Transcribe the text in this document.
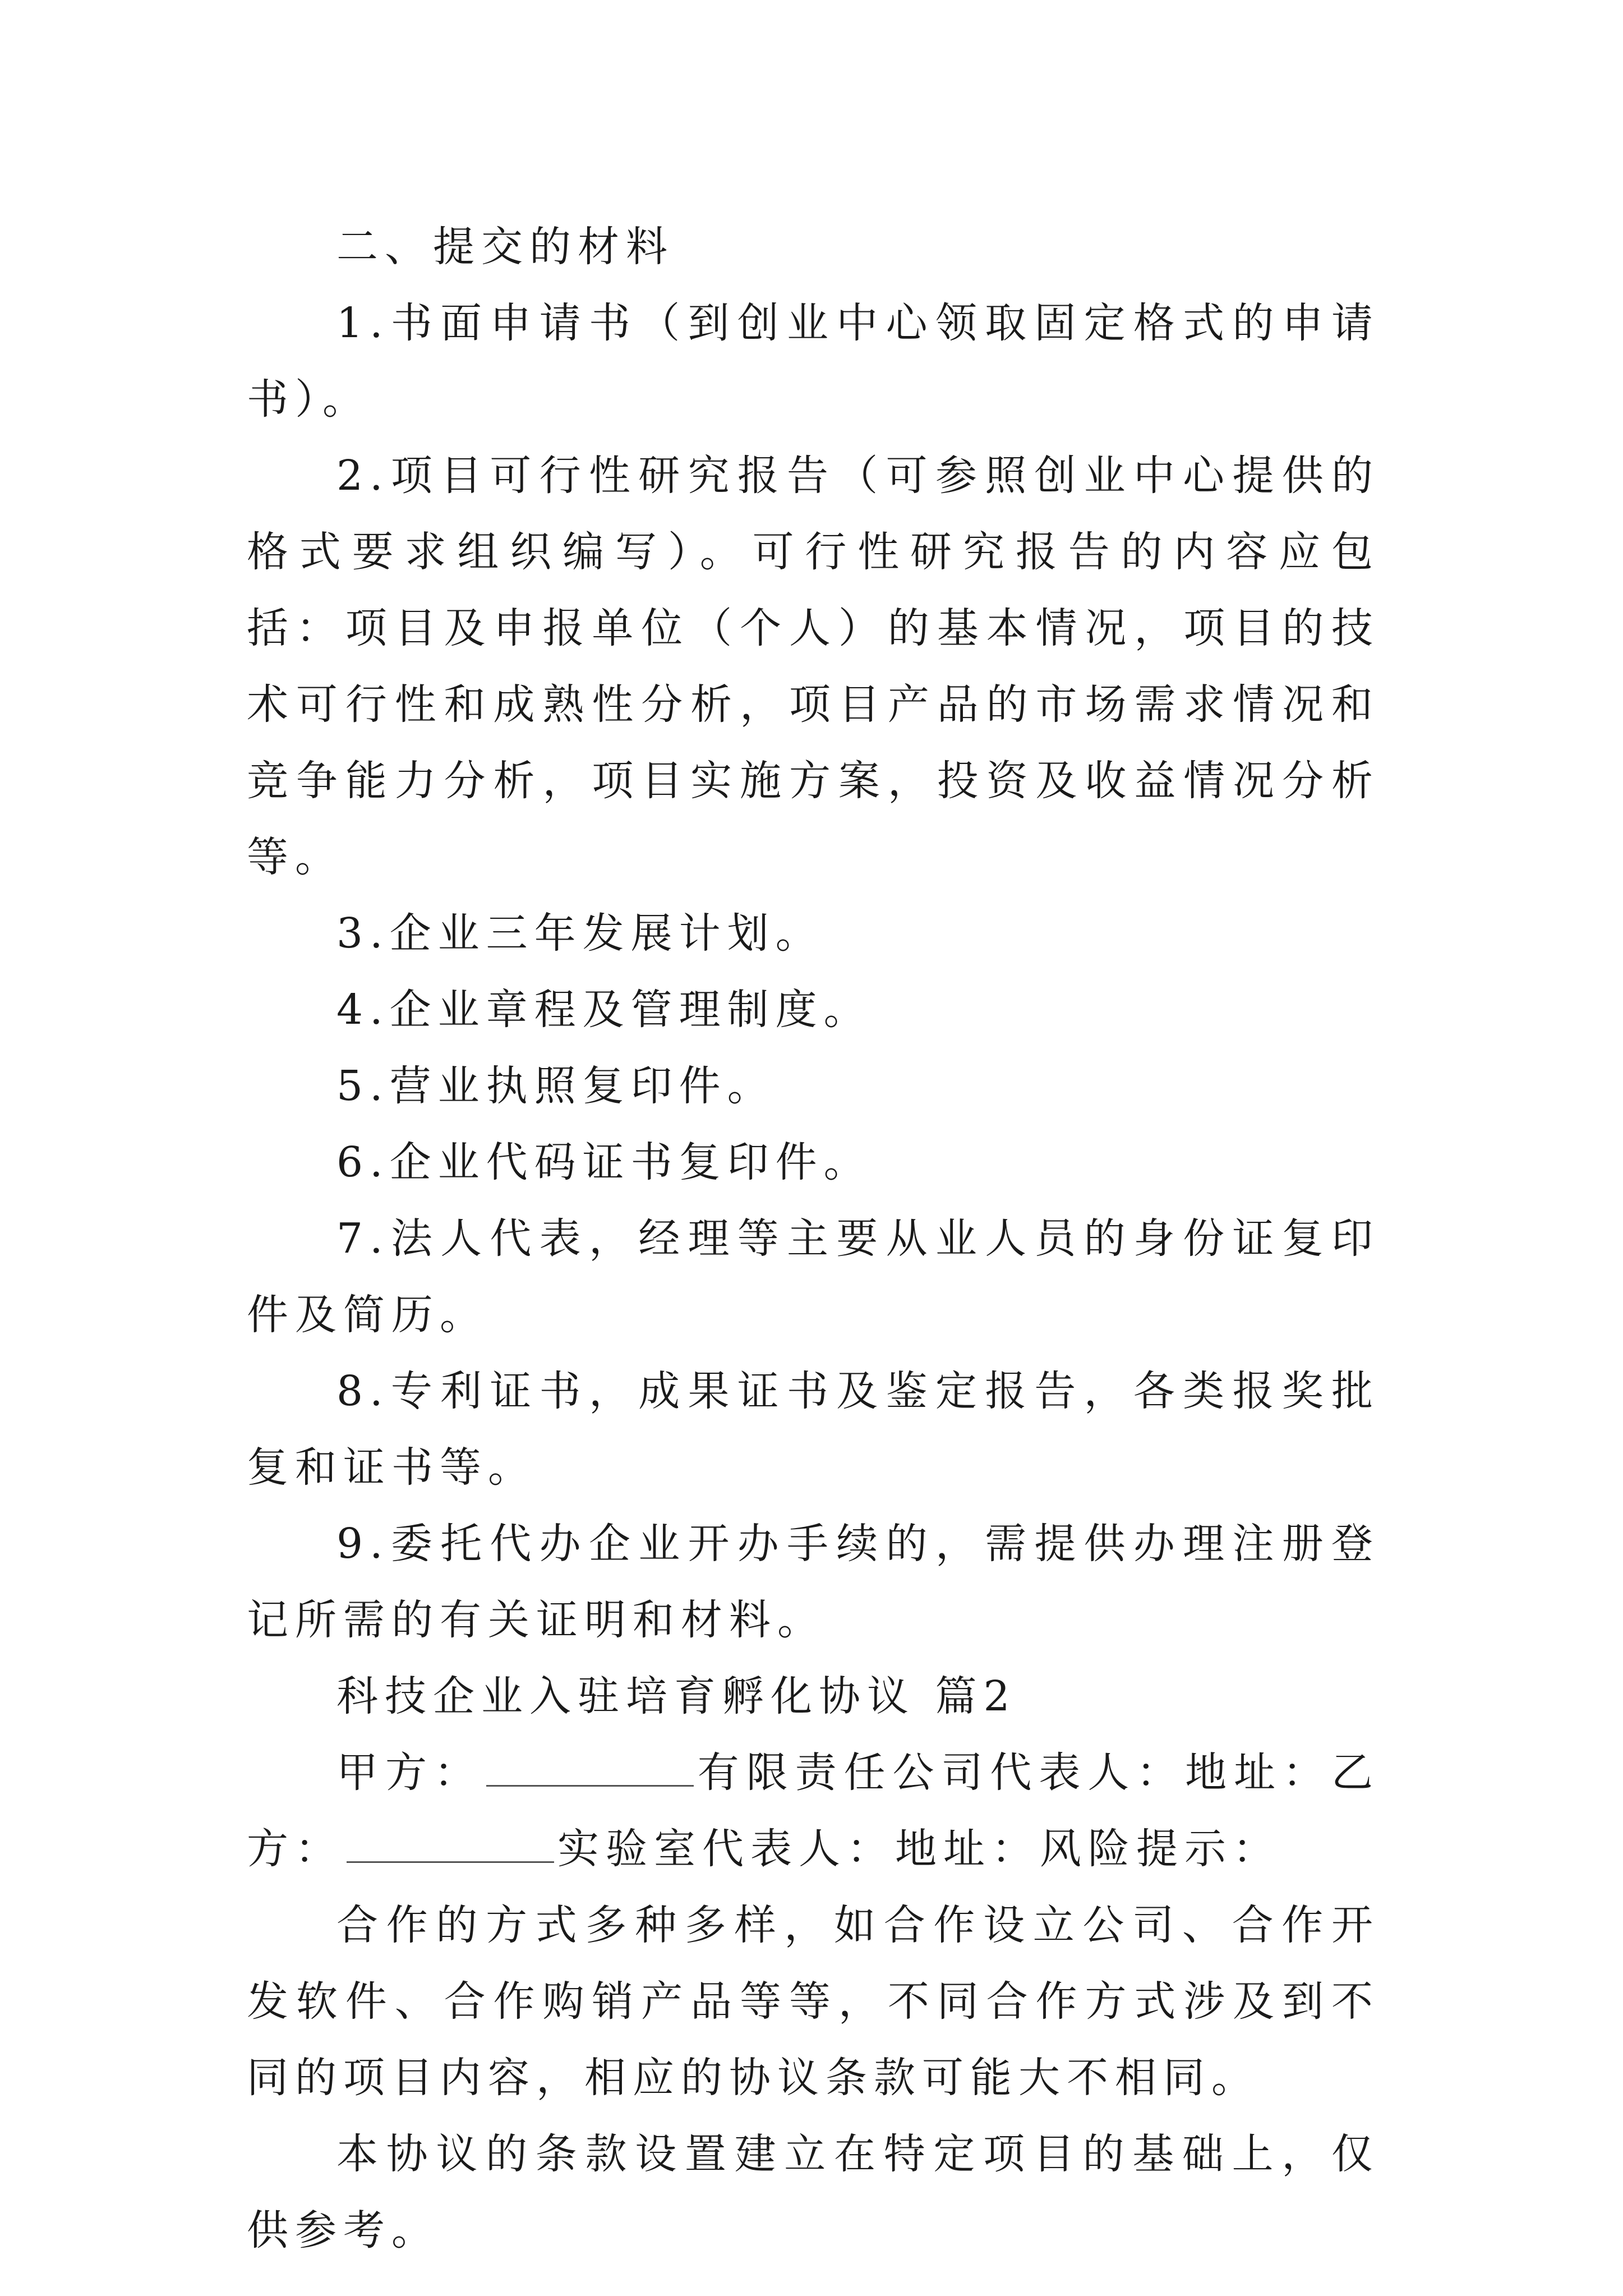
二、提交的材料

1.书面申请书（到创业中心领取固定格式的申请书）。

2.项目可行性研究报告（可参照创业中心提供的格式要求组织编写）。可行性研究报告的内容应包括：项目及申报单位（个人）的基本情况，项目的技术可行性和成熟性分析，项目产品的市场需求情况和竞争能力分析，项目实施方案，投资及收益情况分析等。

3.企业三年发展计划。

4.企业章程及管理制度。

5.营业执照复印件。

6.企业代码证书复印件。

7.法人代表，经理等主要从业人员的身份证复印件及简历。

8.专利证书，成果证书及鉴定报告，各类报奖批复和证书等。

9.委托代办企业开办手续的，需提供办理注册登记所需的有关证明和材料。

科技企业入驻培育孵化协议 篇2

甲方：	有限责任公司代表人：地址：乙方：	实验室代表人：地址：风险提示：

合作的方式多种多样，如合作设立公司、合作开发软件、合作购销产品等等，不同合作方式涉及到不同的项目内容，相应的协议条款可能大不相同。

本协议的条款设置建立在特定项目的基础上，仅供参考。
